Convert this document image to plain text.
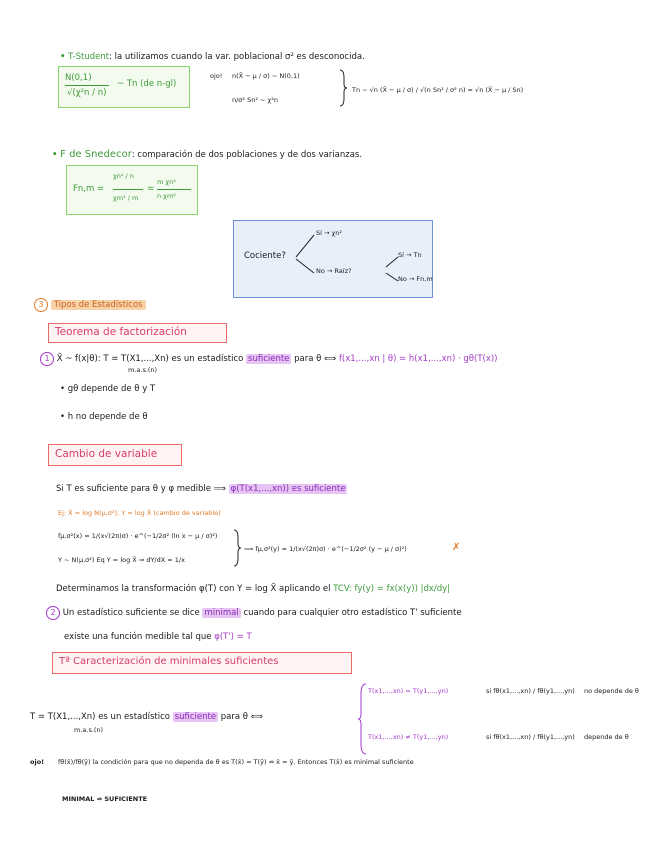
• T-Student: la utilizamos cuando la var. poblacional σ² es desconocida.
N(0,1)
√(χ²n / n)
~ Tn (de n-gl)
ojo! n(X̄ − μ / σ) ~ N(0,1)
n/σ² Sn² ~ χ²n
Tn ~ √n (X̄ − μ / σ) / √(n Sn² / σ² n) = √n (X̄ − μ / Sn)
• F de Snedecor: comparación de dos poblaciones y de dos varianzas.
Fn,m =
χn² / n
χm² / m
=
m χn²
n χm²
Cociente?
Sí → χn²
No → Raíz?
Sí → Tn
No → Fn,m
3 Tipos de Estadísticos
Teorema de factorización
1 X̄ ~ f(x|θ): T = T(X1,...,Xn) es un estadístico suficiente para θ ⟺ f(x1,...,xn | θ) = h(x1,...,xn) · gθ(T(x))
m.a.s.(n)
• gθ depende de θ y T
• h no depende de θ
Cambio de variable
Si T es suficiente para θ y φ medible ⟹ φ(T(x1,...,xn)) es suficiente
Ej: X̄ = log N(μ,σ²); Y = log X̄ (cambio de variable)
fμ,σ²(x) = 1/(x√(2π)σ) · e^(−1/2σ² (ln x − μ / σ)²)
Y ~ N(μ,σ²) Eq Y = log X̄ ⇒ dY/dX = 1/x
⟹ fμ,σ²(y) = 1/(x√(2π)σ) · e^(−1/2σ² (y − μ / σ)²)	✗
Determinamos la transformación φ(T) con Y = log X̄ aplicando el TCV: fy(y) = fx(x(y)) |dx/dy|
2 Un estadístico suficiente se dice minimal cuando para cualquier otro estadístico T' suficiente
existe una función medible tal que φ(T') = T
Tª Caracterización de minimales suficientes
T = T(X1,...,Xn) es un estadístico suficiente para θ ⟺
m.a.s.(n)
T(x1,...,xn) = T(y1,...,yn)	si fθ(x1,...,xn) / fθ(y1,...,yn) no depende de θ
T(x1,...,xn) ≠ T(y1,...,yn)	si fθ(x1,...,xn) / fθ(y1,...,yn) depende de θ
ojo! fθ(x̄)/fθ(ȳ) la condición para que no dependa de θ es T(x̄) = T(ȳ) ⇏ x̄ = ȳ. Entonces T(x̄) es minimal suficiente
MINIMAL ⇏ SUFICIENTE
